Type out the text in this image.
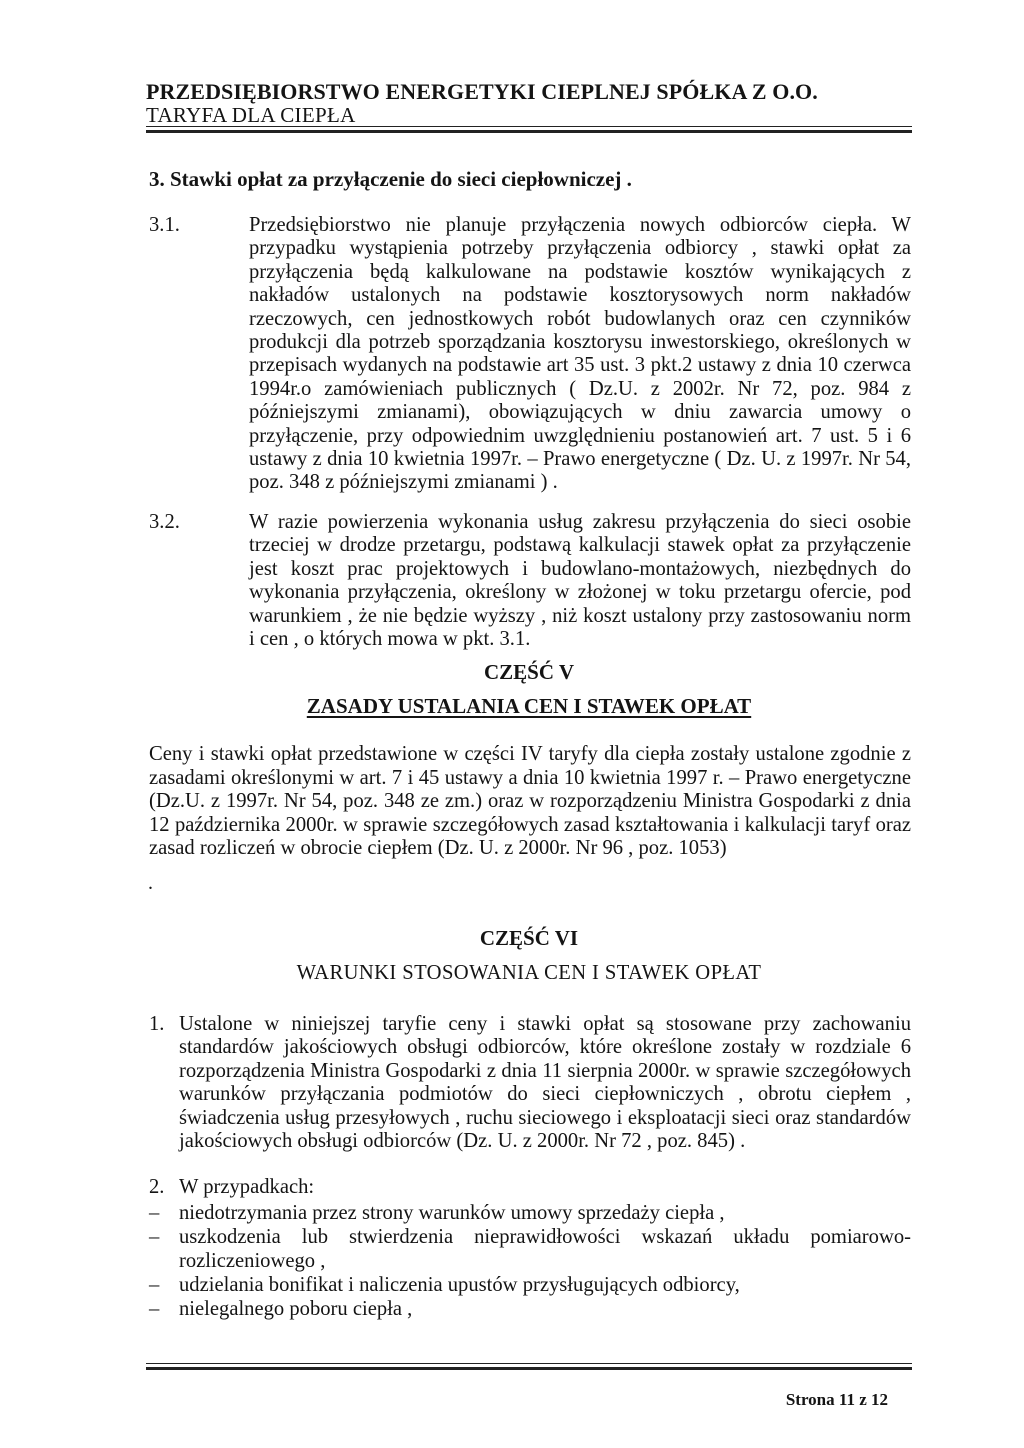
PRZEDSIĘBIORSTWO ENERGETYKI CIEPLNEJ SPÓŁKA Z O.O.
TARYFA DLA CIEPŁA
3. Stawki opłat za przyłączenie do sieci ciepłowniczej .
3.1.	Przedsiębiorstwo nie planuje przyłączenia nowych odbiorców ciepła. W przypadku wystąpienia potrzeby przyłączenia odbiorcy , stawki opłat za przyłączenia będą kalkulowane na podstawie kosztów wynikających z nakładów ustalonych na podstawie kosztorysowych norm nakładów rzeczowych, cen jednostkowych robót budowlanych oraz cen czynników produkcji dla potrzeb sporządzania kosztorysu inwestorskiego, określonych w przepisach wydanych na podstawie art 35 ust. 3 pkt.2 ustawy z dnia 10 czerwca 1994r.o zamówieniach publicznych ( Dz.U. z 2002r. Nr 72, poz. 984 z późniejszymi zmianami), obowiązujących w dniu zawarcia umowy o przyłączenie, przy odpowiednim uwzględnieniu postanowień art. 7 ust. 5 i 6 ustawy z dnia 10 kwietnia 1997r. – Prawo energetyczne ( Dz. U. z 1997r. Nr 54, poz. 348 z późniejszymi zmianami ) .
3.2.	W razie powierzenia wykonania usług zakresu przyłączenia do sieci osobie trzeciej w drodze przetargu, podstawą kalkulacji stawek opłat za przyłączenie jest koszt prac projektowych i budowlano-montażowych, niezbędnych do wykonania przyłączenia, określony w złożonej w toku przetargu ofercie, pod warunkiem , że nie będzie wyższy , niż koszt ustalony przy zastosowaniu norm i cen , o których mowa w pkt. 3.1.
CZĘŚĆ V
ZASADY USTALANIA CEN I STAWEK OPŁAT
Ceny i stawki opłat przedstawione w części IV taryfy dla ciepła zostały ustalone zgodnie z zasadami określonymi w art. 7 i 45 ustawy a dnia 10 kwietnia 1997 r. – Prawo energetyczne (Dz.U. z 1997r. Nr 54, poz. 348 ze zm.) oraz w rozporządzeniu Ministra Gospodarki z dnia 12 października 2000r. w sprawie szczegółowych zasad kształtowania i kalkulacji taryf oraz zasad rozliczeń w obrocie ciepłem (Dz. U. z 2000r. Nr 96 , poz. 1053)
.
CZĘŚĆ VI
WARUNKI STOSOWANIA CEN I STAWEK OPŁAT
1. Ustalone w niniejszej taryfie ceny i stawki opłat są stosowane przy zachowaniu standardów jakościowych obsługi odbiorców, które określone zostały w rozdziale 6 rozporządzenia Ministra Gospodarki z dnia 11 sierpnia 2000r. w sprawie szczegółowych warunków przyłączania podmiotów do sieci ciepłowniczych , obrotu ciepłem , świadczenia usług przesyłowych , ruchu sieciowego i eksploatacji sieci oraz standardów jakościowych obsługi odbiorców (Dz. U. z 2000r. Nr 72 , poz. 845) .
2. W przypadkach:
– niedotrzymania przez strony warunków umowy sprzedaży ciepła ,
– uszkodzenia lub stwierdzenia nieprawidłowości wskazań układu pomiarowo-rozliczeniowego ,
– udzielania bonifikat i naliczenia upustów przysługujących odbiorcy,
– nielegalnego poboru ciepła ,
Strona 11 z 12
